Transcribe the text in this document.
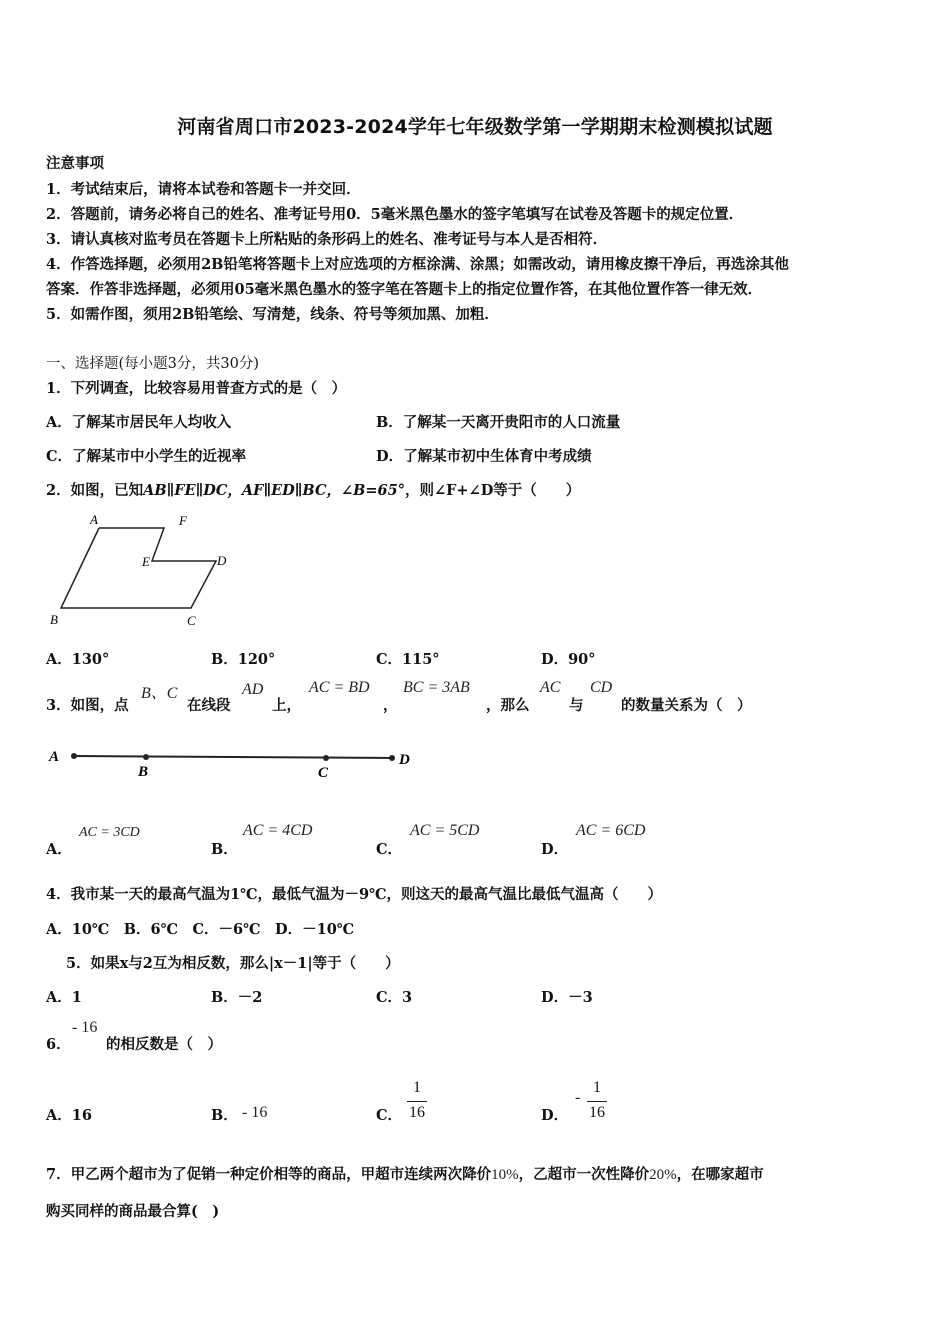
河南省周口市2023-2024学年七年级数学第一学期期末检测模拟试题
注意事项
1．考试结束后，请将本试卷和答题卡一并交回．
2．答题前，请务必将自己的姓名、准考证号用0．5毫米黑色墨水的签字笔填写在试卷及答题卡的规定位置．
3．请认真核对监考员在答题卡上所粘贴的条形码上的姓名、准考证号与本人是否相符．
4．作答选择题，必须用2B铅笔将答题卡上对应选项的方框涂满、涂黑；如需改动，请用橡皮擦干净后，再选涂其他
答案．作答非选择题，必须用05毫米黑色墨水的签字笔在答题卡上的指定位置作答，在其他位置作答一律无效．
5．如需作图，须用2B铅笔绘、写清楚，线条、符号等须加黑、加粗．
一、选择题(每小题3分，共30分)
1．下列调查，比较容易用普查方式的是（　）
A．了解某市居民年人均收入	B．了解某一天离开贵阳市的人口流量
C．了解某市中小学生的近视率	D．了解某市初中生体育中考成绩
2．如图，已知AB∥FE∥DC，AF∥ED∥BC，∠B=65°，则∠F+∠D等于（　　）
A	F
E	D
B	C
A．130°	B．120°	C．115°	D．90°
3．如图，点
B、C
在线段
AD
上，
AC = BD
，
BC = 3AB
，那么
AC
与
CD
的数量关系为（　）
A
B	C
D
A．
AC = 3CD
B．
AC = 4CD
C．
AC = 5CD
D．
AC = 6CD
4．我市某一天的最高气温为1℃，最低气温为－9℃，则这天的最高气温比最低气温高（　　）
A．10℃　B．6℃　C．－6℃　D．－10℃
5．如果x与2互为相反数，那么|x－1|等于（　　）
A．1	B．－2	C．3	D．－3
6．
- 16
的相反数是（　）
A．16	B． - 16	C．
1
16	D．
-
1
16
7．甲乙两个超市为了促销一种定价相等的商品，甲超市连续两次降价10%，乙超市一次性降价20%，在哪家超市
购买同样的商品最合算(　)
